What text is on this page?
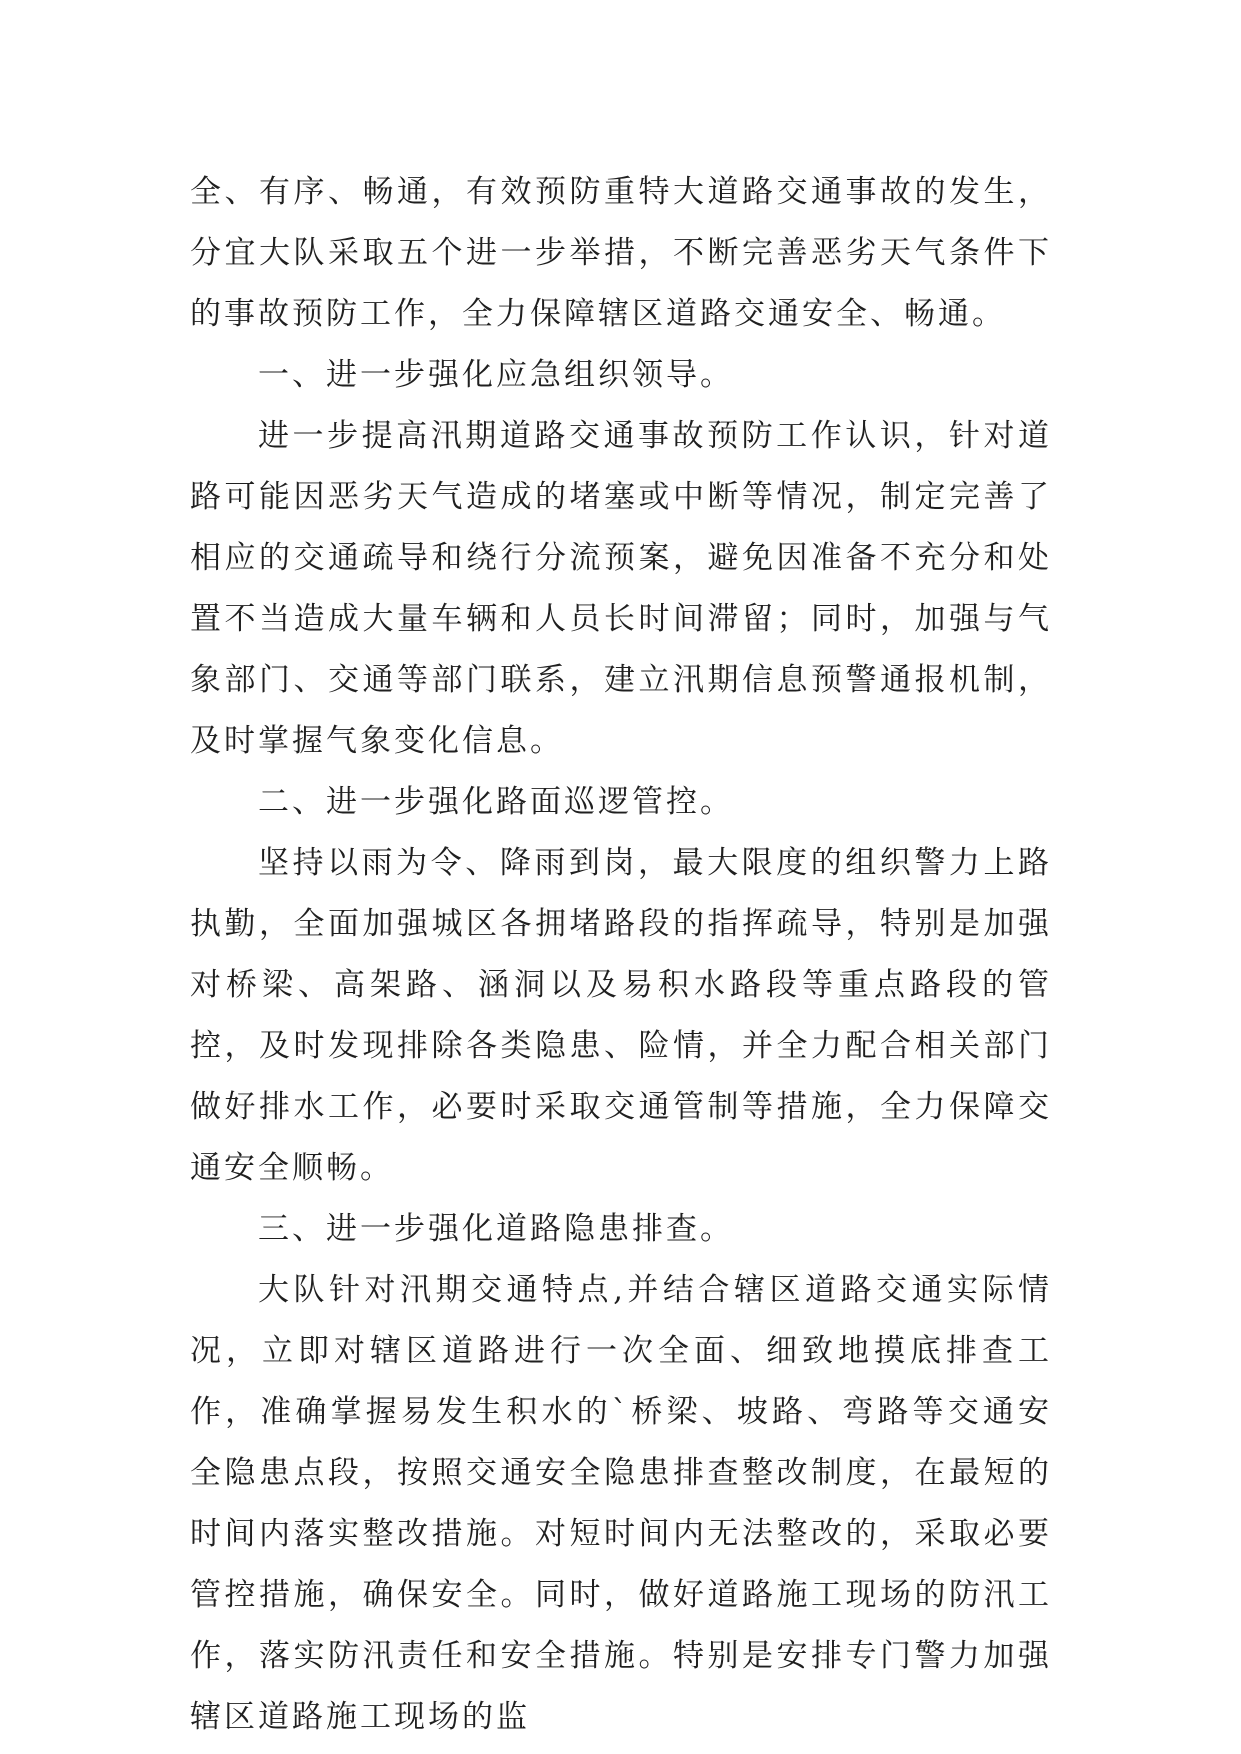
全、有序、畅通，有效预防重特大道路交通事故的发生，分宜大队采取五个进一步举措，不断完善恶劣天气条件下的事故预防工作，全力保障辖区道路交通安全、畅通。

一、进一步强化应急组织领导。

进一步提高汛期道路交通事故预防工作认识，针对道路可能因恶劣天气造成的堵塞或中断等情况，制定完善了相应的交通疏导和绕行分流预案，避免因准备不充分和处置不当造成大量车辆和人员长时间滞留；同时，加强与气象部门、交通等部门联系，建立汛期信息预警通报机制，及时掌握气象变化信息。

二、进一步强化路面巡逻管控。

坚持以雨为令、降雨到岗，最大限度的组织警力上路执勤，全面加强城区各拥堵路段的指挥疏导，特别是加强对桥梁、高架路、涵洞以及易积水路段等重点路段的管控，及时发现排除各类隐患、险情，并全力配合相关部门做好排水工作，必要时采取交通管制等措施，全力保障交通安全顺畅。

三、进一步强化道路隐患排查。

大队针对汛期交通特点,并结合辖区道路交通实际情况，立即对辖区道路进行一次全面、细致地摸底排查工作，准确掌握易发生积水的`桥梁、坡路、弯路等交通安全隐患点段，按照交通安全隐患排查整改制度，在最短的时间内落实整改措施。对短时间内无法整改的，采取必要管控措施，确保安全。同时，做好道路施工现场的防汛工作，落实防汛责任和安全措施。特别是安排专门警力加强辖区道路施工现场的监
